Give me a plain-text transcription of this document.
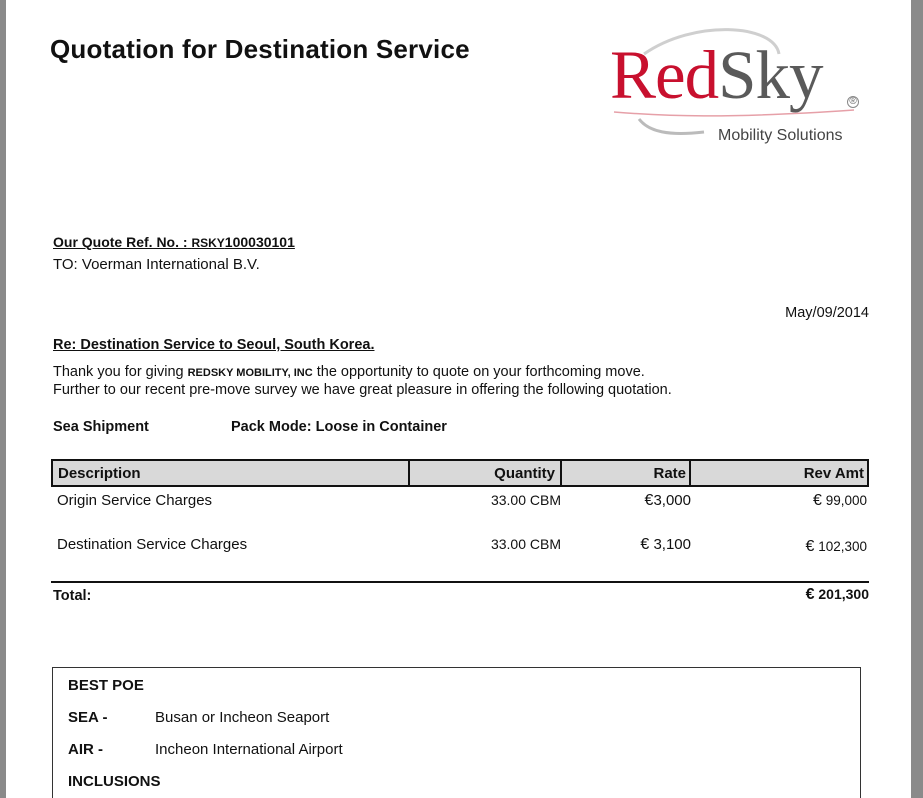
Quotation for Destination Service RedSky	®
Mobility Solutions
Our Quote Ref. No. : RSKY100030101
TO: Voerman International B.V.
May/09/2014
Re: Destination Service to Seoul, South Korea.
Thank you for giving REDSKY MOBILITY, INC the opportunity to quote on your forthcoming move.
Further to our recent pre-move survey we have great pleasure in offering the following quotation.
Sea Shipment	Pack Mode: Loose in Container
Description	Quantity	Rate	Rev Amt
Origin Service Charges	33.00 CBM	€3,000	€ 99,000
Destination Service Charges	33.00 CBM	€ 3,100	€ 102,300
Total:	€ 201,300
BEST POE
SEA -	Busan or Incheon Seaport
AIR -	Incheon International Airport
INCLUSIONS
